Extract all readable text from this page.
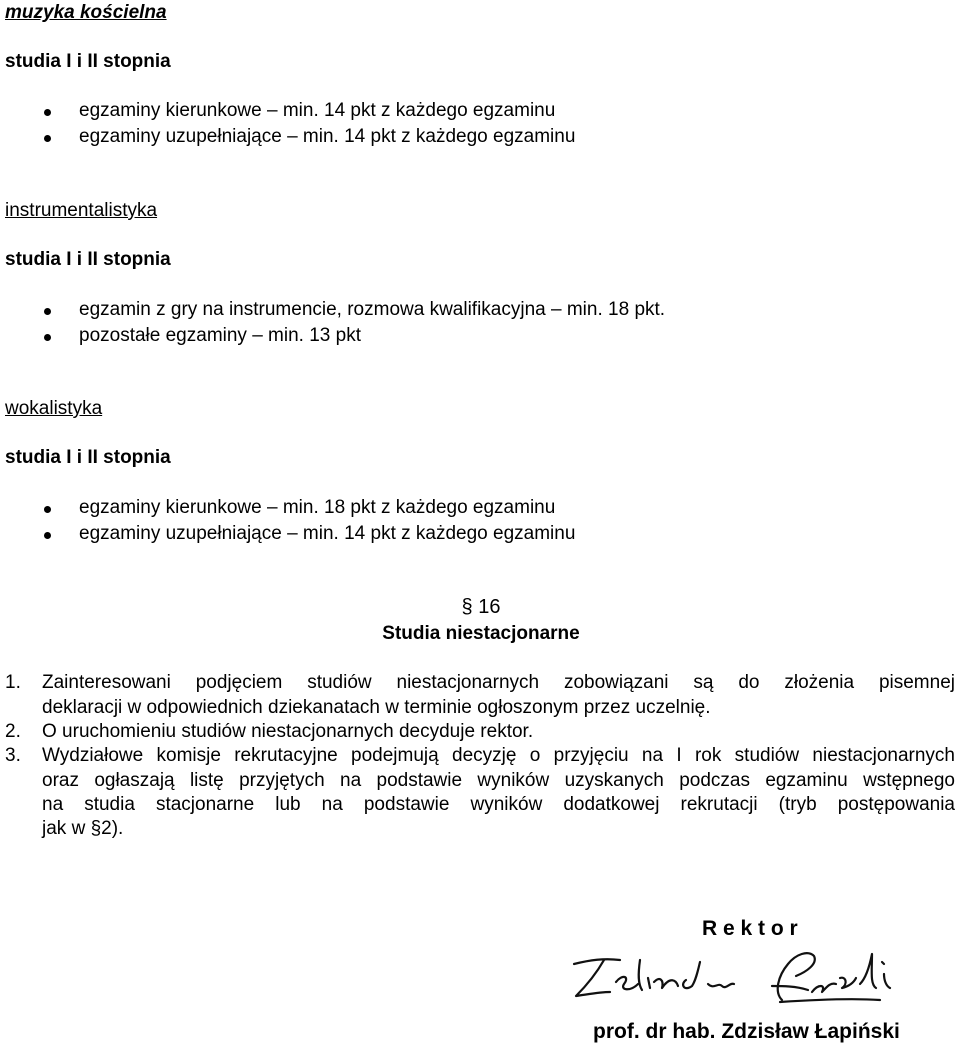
muzyka kościelna
studia I i II stopnia
egzaminy kierunkowe – min. 14 pkt z każdego egzaminu
egzaminy uzupełniające – min. 14 pkt z każdego egzaminu
instrumentalistyka
studia I i II stopnia
egzamin z gry na instrumencie, rozmowa kwalifikacyjna – min. 18 pkt.
pozostałe egzaminy – min. 13 pkt
wokalistyka
studia I i II stopnia
egzaminy kierunkowe – min. 18 pkt z każdego egzaminu
egzaminy uzupełniające – min. 14 pkt z każdego egzaminu
§ 16
Studia niestacjonarne
1. Zainteresowani podjęciem studiów niestacjonarnych zobowiązani są do złożenia pisemnej
deklaracji w odpowiednich dziekanatach w terminie ogłoszonym przez uczelnię.
2. O uruchomieniu studiów niestacjonarnych decyduje rektor.
3. Wydziałowe komisje rekrutacyjne podejmują decyzję o przyjęciu na I rok studiów niestacjonarnych
oraz ogłaszają listę przyjętych na podstawie wyników uzyskanych podczas egzaminu wstępnego
na studia stacjonarne lub na podstawie wyników dodatkowej rekrutacji (tryb postępowania
jak w §2).
R e k t o r
prof. dr hab. Zdzisław Łapiński
